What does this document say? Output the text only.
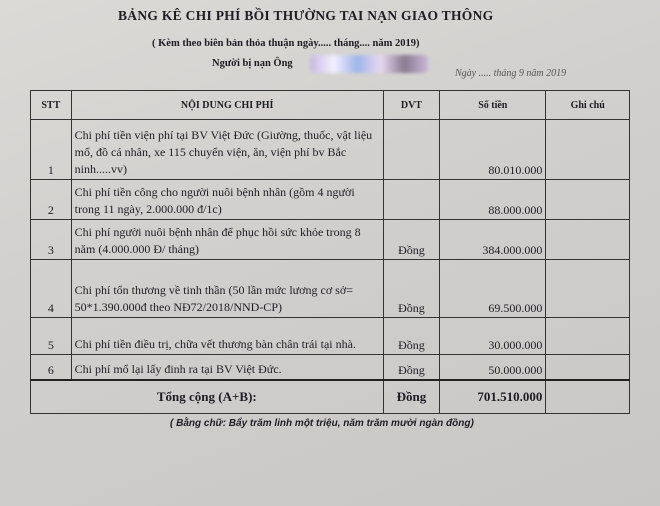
BẢNG KÊ CHI PHÍ BỒI THƯỜNG TAI NẠN GIAO THÔNG
( Kèm theo biên bản thỏa thuận ngày..... tháng.... năm 2019)
Người bị nạn Ông
Ngày ..... tháng 9 năm 2019
STT	NỘI DUNG CHI PHÍ	DVT	Số tiền	Ghi chú
1	Chi phí tiền viện phí tại BV Việt Đức (Giường, thuốc, vật liệu mổ, đồ cá nhân, xe 115 chuyển viện, ăn, viện phí bv Bắc ninh.....vv)		80.010.000	
2	Chi phí tiền công cho người nuôi bệnh nhân (gồm 4 người trong 11 ngày, 2.000.000 đ/1c)		88.000.000	
3	Chi phí người nuôi bệnh nhân để phục hồi sức khỏe trong 8 năm (4.000.000 Đ/ tháng)	Đồng	384.000.000	
4	Chi phí tổn thương về tinh thần (50 lần mức lương cơ sở= 50*1.390.000đ theo NĐ72/2018/NND-CP)	Đồng	69.500.000	
5	Chi phí tiền điều trị, chữa vết thương bàn chân trái tại nhà.	Đồng	30.000.000	
6	Chi phí mổ lại lấy đinh ra tại BV Việt Đức.	Đồng	50.000.000	
Tổng cộng (A+B):		Đồng	701.510.000	
( Bằng chữ: Bẩy trăm linh một triệu, năm trăm mười ngàn đồng)
